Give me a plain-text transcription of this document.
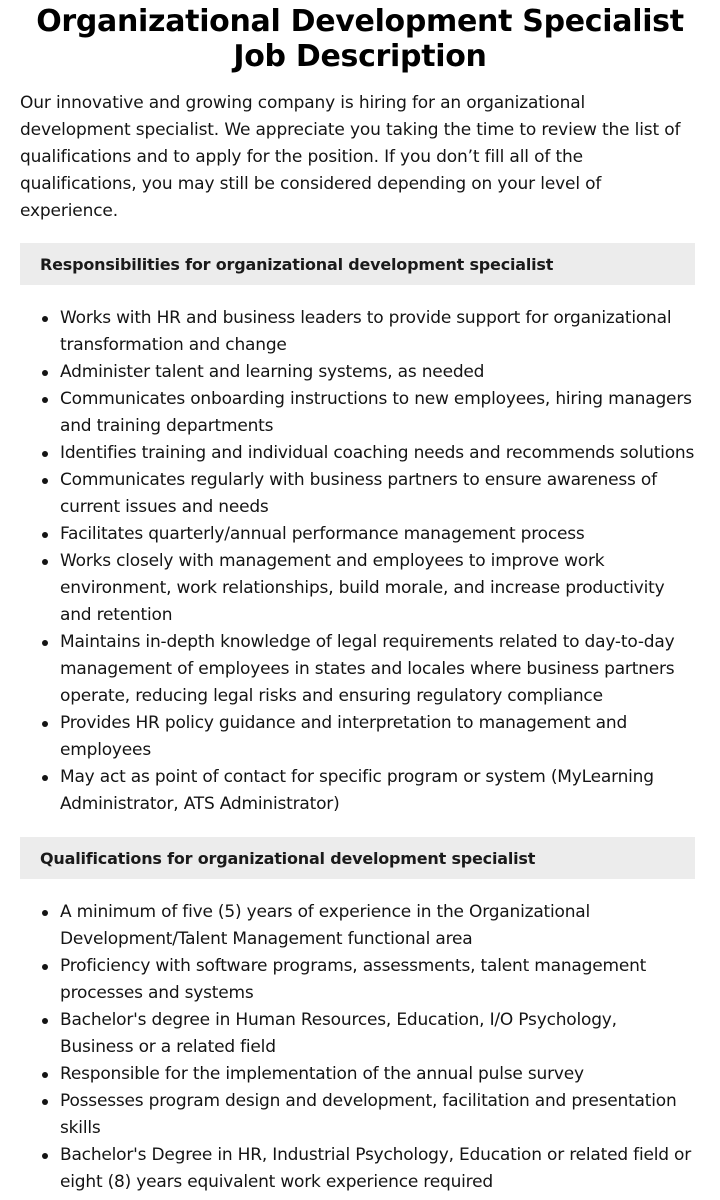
Organizational Development Specialist Job Description

Our innovative and growing company is hiring for an organizational development specialist. We appreciate you taking the time to review the list of qualifications and to apply for the position. If you don’t fill all of the qualifications, you may still be considered depending on your level of experience.

Responsibilities for organizational development specialist
Works with HR and business leaders to provide support for organizational transformation and change
Administer talent and learning systems, as needed
Communicates onboarding instructions to new employees, hiring managers and training departments
Identifies training and individual coaching needs and recommends solutions
Communicates regularly with business partners to ensure awareness of current issues and needs
Facilitates quarterly/annual performance management process
Works closely with management and employees to improve work environment, work relationships, build morale, and increase productivity and retention
Maintains in-depth knowledge of legal requirements related to day-to-day management of employees in states and locales where business partners operate, reducing legal risks and ensuring regulatory compliance
Provides HR policy guidance and interpretation to management and employees
May act as point of contact for specific program or system (MyLearning Administrator, ATS Administrator)
Qualifications for organizational development specialist
A minimum of five (5) years of experience in the Organizational Development/Talent Management functional area
Proficiency with software programs, assessments, talent management processes and systems
Bachelor's degree in Human Resources, Education, I/O Psychology, Business or a related field
Responsible for the implementation of the annual pulse survey
Possesses program design and development, facilitation and presentation skills
Bachelor's Degree in HR, Industrial Psychology, Education or related field or eight (8) years equivalent work experience required
